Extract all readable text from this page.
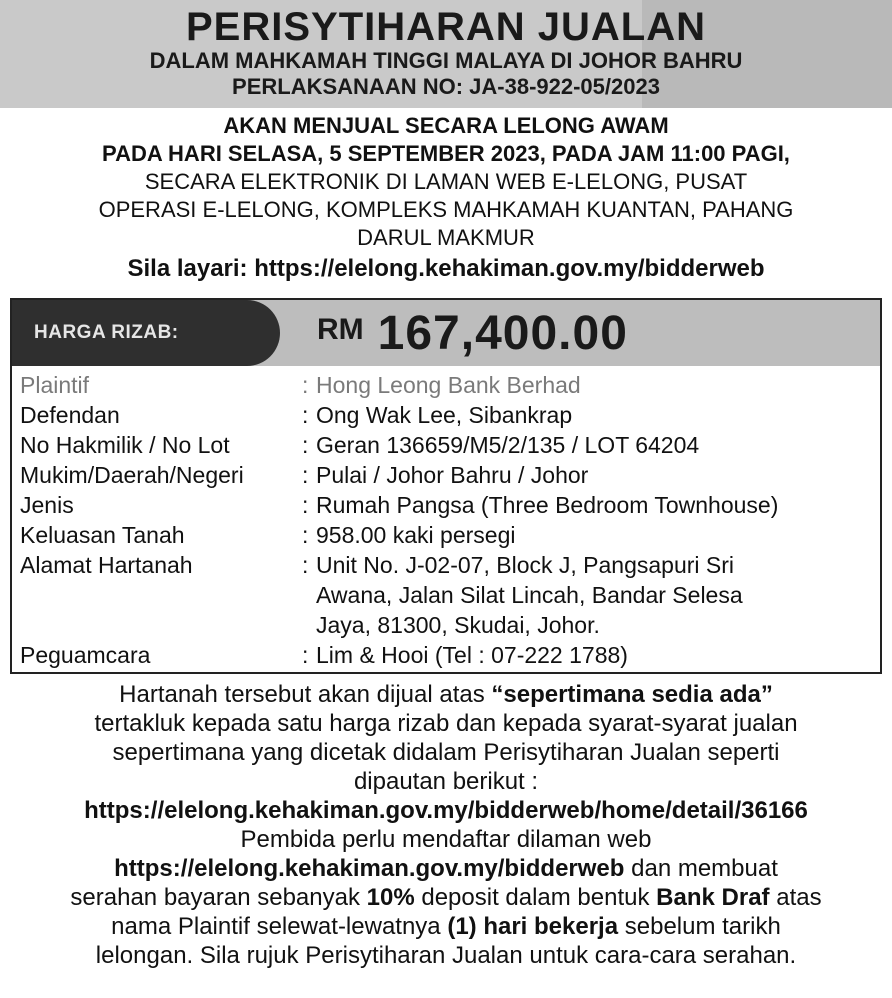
PERISYTIHARAN JUALAN
DALAM MAHKAMAH TINGGI MALAYA DI JOHOR BAHRU
PERLAKSANAAN NO: JA-38-922-05/2023
AKAN MENJUAL SECARA LELONG AWAM
PADA HARI SELASA, 5 SEPTEMBER 2023, PADA JAM 11:00 PAGI,
SECARA ELEKTRONIK DI LAMAN WEB E-LELONG, PUSAT
OPERASI E-LELONG, KOMPLEKS MAHKAMAH KUANTAN, PAHANG
DARUL MAKMUR
Sila layari: https://elelong.kehakiman.gov.my/bidderweb
HARGA RIZAB:	RM 167,400.00
Plaintif	: Hong Leong Bank Berhad
Defendan	: Ong Wak Lee, Sibankrap
No Hakmilik / No Lot	: Geran 136659/M5/2/135 / LOT 64204
Mukim/Daerah/Negeri	: Pulai / Johor Bahru / Johor
Jenis	: Rumah Pangsa (Three Bedroom Townhouse)
Keluasan Tanah	: 958.00 kaki persegi
Alamat Hartanah	: Unit No. J-02-07, Block J, Pangsapuri Sri
Awana, Jalan Silat Lincah, Bandar Selesa
Jaya, 81300, Skudai, Johor.
Peguamcara	: Lim & Hooi (Tel : 07-222 1788)
Hartanah tersebut akan dijual atas “sepertimana sedia ada”
tertakluk kepada satu harga rizab dan kepada syarat-syarat jualan
sepertimana yang dicetak didalam Perisytiharan Jualan seperti
dipautan berikut :
https://elelong.kehakiman.gov.my/bidderweb/home/detail/36166
Pembida perlu mendaftar dilaman web
https://elelong.kehakiman.gov.my/bidderweb dan membuat
serahan bayaran sebanyak 10% deposit dalam bentuk Bank Draf atas
nama Plaintif selewat-lewatnya (1) hari bekerja sebelum tarikh
lelongan. Sila rujuk Perisytiharan Jualan untuk cara-cara serahan.
